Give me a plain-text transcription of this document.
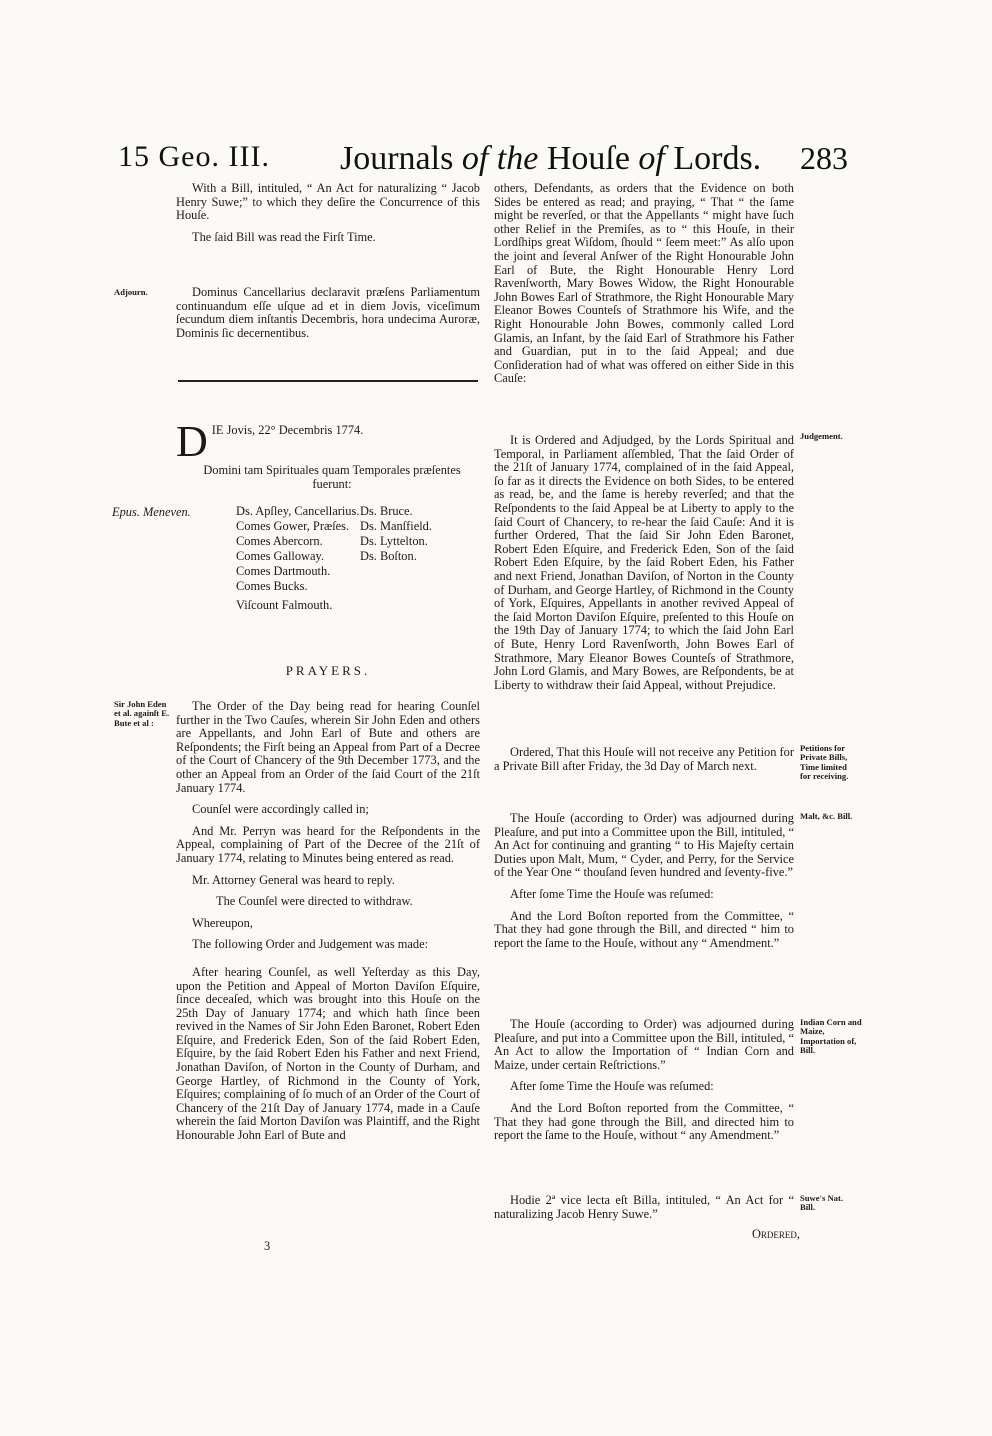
15 Geo. III. Journals of the Houſe of Lords. 283

With a Bill, intituled, “ An Act for naturalizing “ Jacob Henry Suwe;” to which they deſire the Concurrence of this Houſe.

The ſaid Bill was read the Firſt Time.

Adjourn.	Dominus Cancellarius declaravit præſens Parliamentum continuandum eſſe uſque ad et in diem Jovis, viceſimum ſecundum diem inſtantis Decembris, hora undecima Auroræ, Dominis ſic decernentibus.

D IE Jovis, 22° Decembris 1774.
Domini tam Spirituales quam Temporales præſentes fuerunt:
Epus. Meneven.	Ds. Apſley, Cancellarius.
Comes Gower, Præſes.
Comes Abercorn.
Comes Galloway.
Comes Dartmouth.
Comes Bucks.
Viſcount Falmouth.
Ds. Bruce.
Ds. Manſfield.
Ds. Lyttelton.
Ds. Boſton.
PRAYERS.
Sir John Eden et al. againſt E. Bute et al :

The Order of the Day being read for hearing Counſel further in the Two Cauſes, wherein Sir John Eden and others are Appellants, and John Earl of Bute and others are Reſpondents; the Firſt being an Appeal from Part of a Decree of the Court of Chancery of the 9th December 1773, and the other an Appeal from an Order of the ſaid Court of the 21ſt January 1774.

Counſel were accordingly called in;

And Mr. Perryn was heard for the Reſpondents in the Appeal, complaining of Part of the Decree of the 21ſt of January 1774, relating to Minutes being entered as read.

Mr. Attorney General was heard to reply.

The Counſel were directed to withdraw.

Whereupon,

The following Order and Judgement was made:

After hearing Counſel, as well Yeſterday as this Day, upon the Petition and Appeal of Morton Daviſon Eſquire, ſince deceaſed, which was brought into this Houſe on the 25th Day of January 1774; and which hath ſince been revived in the Names of Sir John Eden Baronet, Robert Eden Eſquire, and Frederick Eden, Son of the ſaid Robert Eden, Eſquire, by the ſaid Robert Eden his Father and next Friend, Jonathan Daviſon, of Norton in the County of Durham, and George Hartley, of Richmond in the County of York, Eſquires; complaining of ſo much of an Order of the Court of Chancery of the 21ſt Day of January 1774, made in a Cauſe wherein the ſaid Morton Daviſon was Plaintiff, and the Right Honourable John Earl of Bute and

3

others, Defendants, as orders that the Evidence on both Sides be entered as read; and praying, “ That “ the ſame might be reverſed, or that the Appellants “ might have ſuch other Relief in the Premiſes, as to “ this Houſe, in their Lordſhips great Wiſdom, ſhould “ ſeem meet:” As alſo upon the joint and ſeveral Anſwer of the Right Honourable John Earl of Bute, the Right Honourable Henry Lord Ravenſworth, Mary Bowes Widow, the Right Honourable John Bowes Earl of Strathmore, the Right Honourable Mary Eleanor Bowes Counteſs of Strathmore his Wife, and the Right Honourable John Bowes, commonly called Lord Glamis, an Infant, by the ſaid Earl of Strathmore his Father and Guardian, put in to the ſaid Appeal; and due Conſideration had of what was offered on either Side in this Cauſe:

Judgement.

It is Ordered and Adjudged, by the Lords Spiritual and Temporal, in Parliament aſſembled, That the ſaid Order of the 21ſt of January 1774, complained of in the ſaid Appeal, ſo far as it directs the Evidence on both Sides, to be entered as read, be, and the ſame is hereby reverſed; and that the Reſpondents to the ſaid Appeal be at Liberty to apply to the ſaid Court of Chancery, to re-hear the ſaid Cauſe: And it is further Ordered, That the ſaid Sir John Eden Baronet, Robert Eden Eſquire, and Frederick Eden, Son of the ſaid Robert Eden Eſquire, by the ſaid Robert Eden, his Father and next Friend, Jonathan Daviſon, of Norton in the County of Durham, and George Hartley, of Richmond in the County of York, Eſquires, Appellants in another revived Appeal of the ſaid Morton Daviſon Eſquire, preſented to this Houſe on the 19th Day of January 1774; to which the ſaid John Earl of Bute, Henry Lord Ravenſworth, John Bowes Earl of Strathmore, Mary Eleanor Bowes Counteſs of Strathmore, John Lord Glamis, and Mary Bowes, are Reſpondents, be at Liberty to withdraw their ſaid Appeal, without Prejudice.

Petitions for Private Bills, Time limited for receiving.

Ordered, That this Houſe will not receive any Petition for a Private Bill after Friday, the 3d Day of March next.

Malt, &c. Bill.

The Houſe (according to Order) was adjourned during Pleaſure, and put into a Committee upon the Bill, intituled, “ An Act for continuing and granting “ to His Majeſty certain Duties upon Malt, Mum, “ Cyder, and Perry, for the Service of the Year One “ thouſand ſeven hundred and ſeventy-five.”

After ſome Time the Houſe was reſumed:

And the Lord Boſton reported from the Committee, “ That they had gone through the Bill, and directed “ him to report the ſame to the Houſe, without any “ Amendment.”

Indian Corn and Maize, Importation of, Bill.

The Houſe (according to Order) was adjourned during Pleaſure, and put into a Committee upon the Bill, intituled, “ An Act to allow the Importation of “ Indian Corn and Maize, under certain Reſtrictions.”

After ſome Time the Houſe was reſumed:

And the Lord Boſton reported from the Committee, “ That they had gone through the Bill, and directed him to report the ſame to the Houſe, without “ any Amendment.”

Suwe's Nat. Bill.

Hodie 2ª vice lecta eſt Billa, intituled, “ An Act for “ naturalizing Jacob Henry Suwe.”

Ordered,
